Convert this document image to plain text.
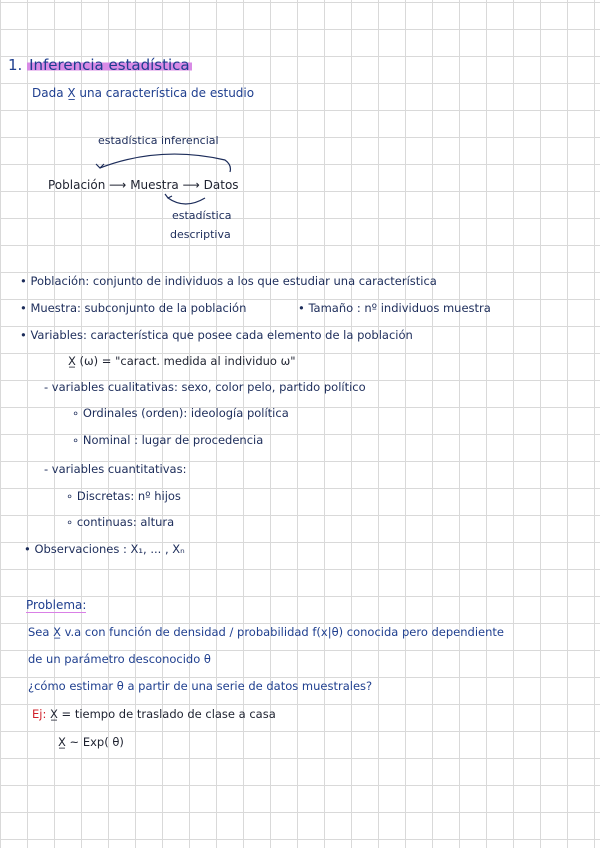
1. Inferencia estadística
Dada X̲ una característica de estudio
estadística inferencial
Población ⟶ Muestra ⟶ Datos
estadística
descriptiva
• Población: conjunto de individuos a los que estudiar una característica
• Muestra: subconjunto de la población	• Tamaño : nº individuos muestra
• Variables: característica que posee cada elemento de la población
X̲ (ω) = "caract. medida al individuo ω"
- variables cualitativas: sexo, color pelo, partido político
∘ Ordinales (orden): ideología política
∘ Nominal : lugar de procedencia
- variables cuantitativas:
∘ Discretas: nº hijos
∘ continuas: altura
• Observaciones : X₁, ... , Xₙ
Problema:
Sea X̲ v.a con función de densidad / probabilidad f(x|θ) conocida pero dependiente
de un parámetro desconocido θ
¿cómo estimar θ a partir de una serie de datos muestrales?
Ej: X̲ = tiempo de traslado de clase a casa
X̲ ~ Exp( θ)
